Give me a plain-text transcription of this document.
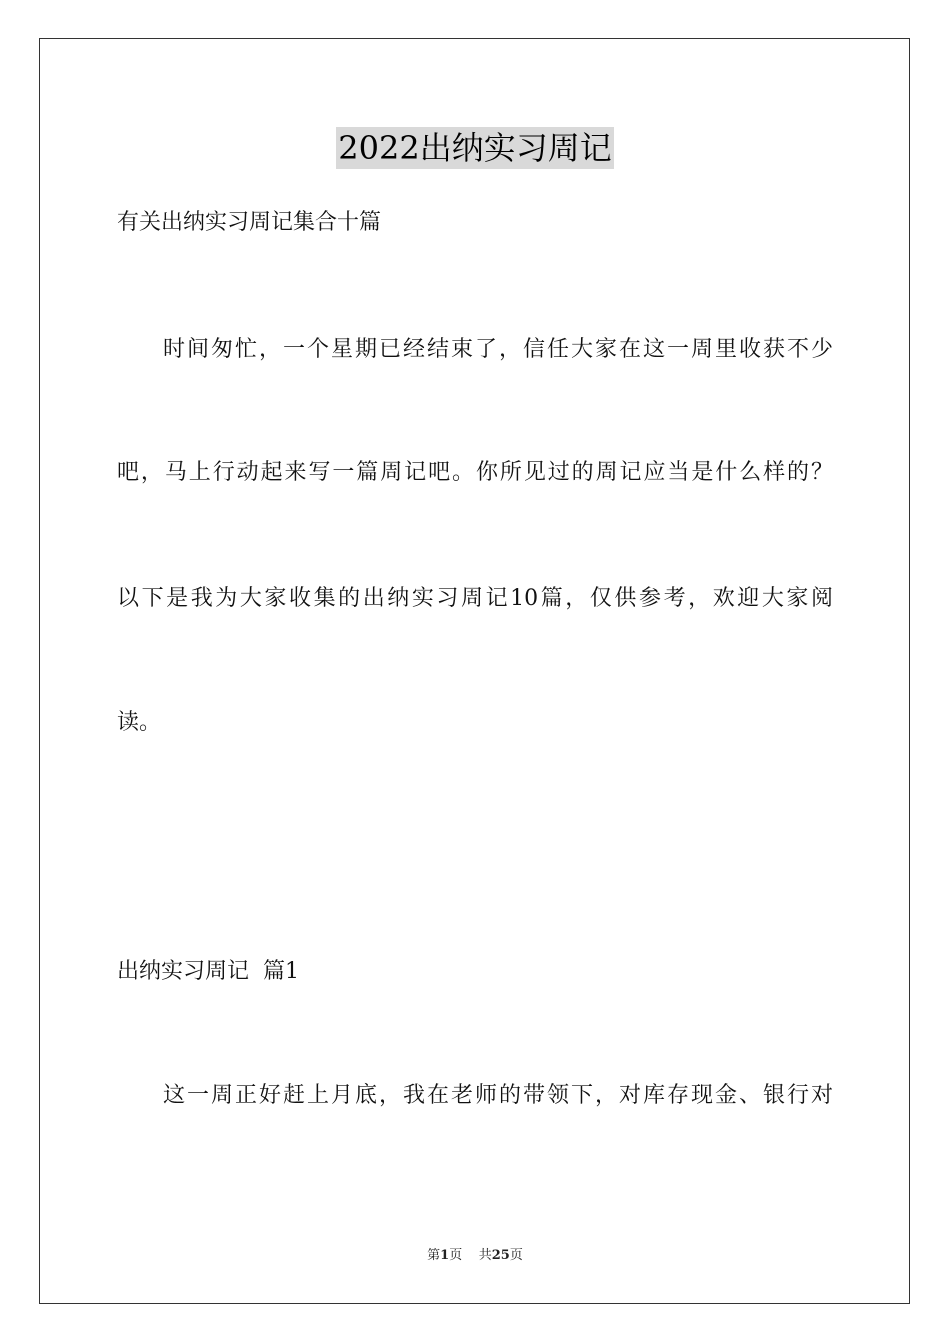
2022出纳实习周记
有关出纳实习周记集合十篇
时间匆忙，一个星期已经结束了，信任大家在这一周里收获不少
吧，马上行动起来写一篇周记吧。你所见过的周记应当是什么样的？
以下是我为大家收集的出纳实习周记10篇，仅供参考，欢迎大家阅
读。
出纳实习周记  篇1
这一周正好赶上月底，我在老师的带领下，对库存现金、银行对
第1页 共25页
